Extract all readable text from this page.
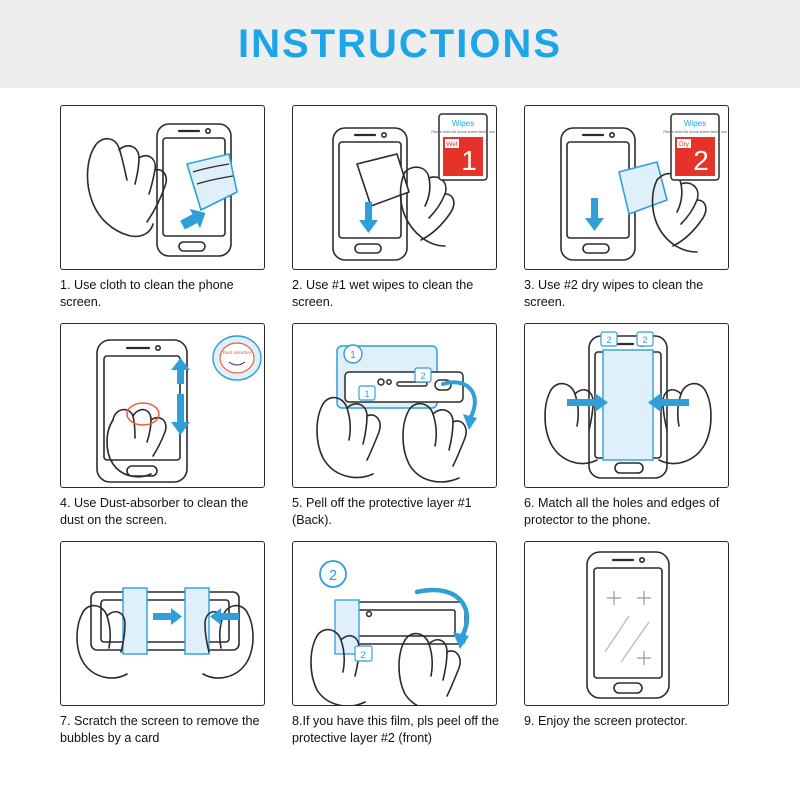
INSTRUCTIONS
1. Use cloth to clean the phone screen.
Wipes
Please clean the phone screen before use
Wet
1
2. Use #1 wet wipes to clean the screen.
Wipes
Please clean the phone screen before use
Dry
2
3. Use #2 dry wipes to clean the screen.
Dust absorber
4. Use Dust-absorber to clean the dust on the screen.
1
2
1
5. Pell off the protective layer #1 (Back).
2	2
6. Match all the holes and edges of protector to the phone.
7. Scratch the screen to remove the bubbles by a card
2
2
8.If you have this film, pls peel off the protective layer #2 (front)
9. Enjoy the screen protector.
